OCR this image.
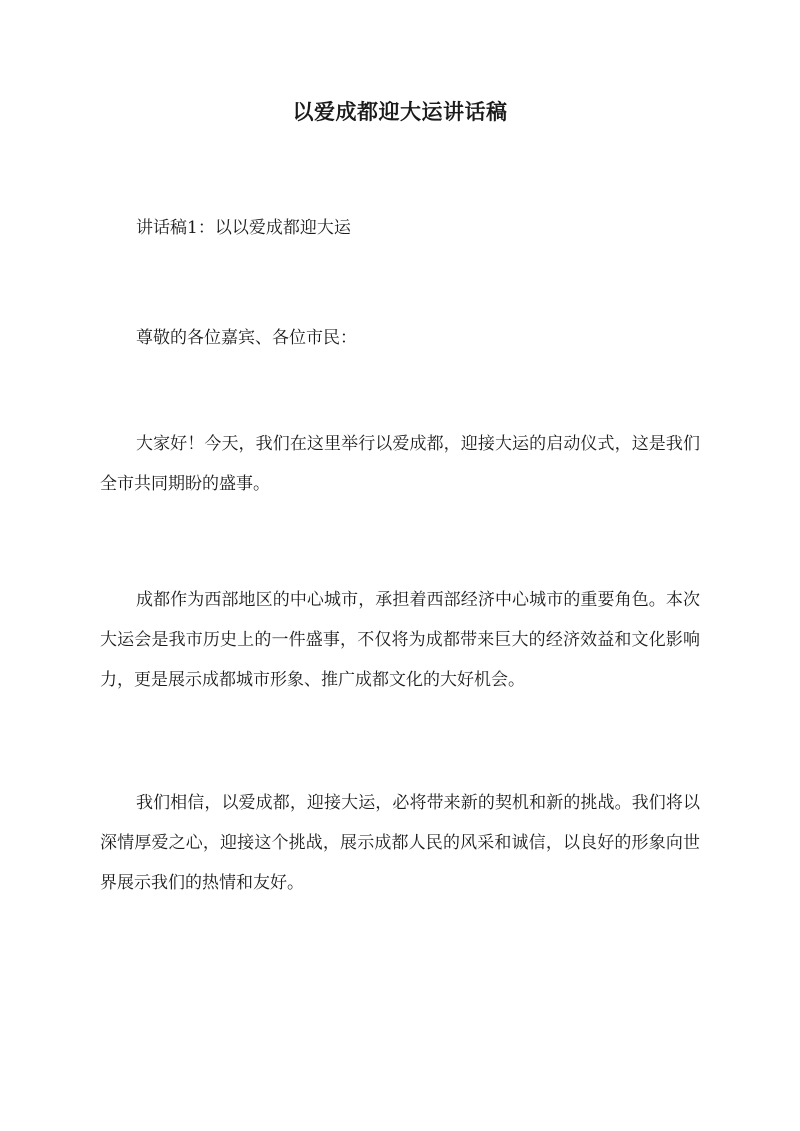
以爱成都迎大运讲话稿

讲话稿1：以以爱成都迎大运

尊敬的各位嘉宾、各位市民：

大家好！今天，我们在这里举行以爱成都，迎接大运的启动仪式，这是我们全市共同期盼的盛事。

成都作为西部地区的中心城市，承担着西部经济中心城市的重要角色。本次大运会是我市历史上的一件盛事，不仅将为成都带来巨大的经济效益和文化影响力，更是展示成都城市形象、推广成都文化的大好机会。

我们相信，以爱成都，迎接大运，必将带来新的契机和新的挑战。我们将以深情厚爱之心，迎接这个挑战，展示成都人民的风采和诚信，以良好的形象向世界展示我们的热情和友好。
